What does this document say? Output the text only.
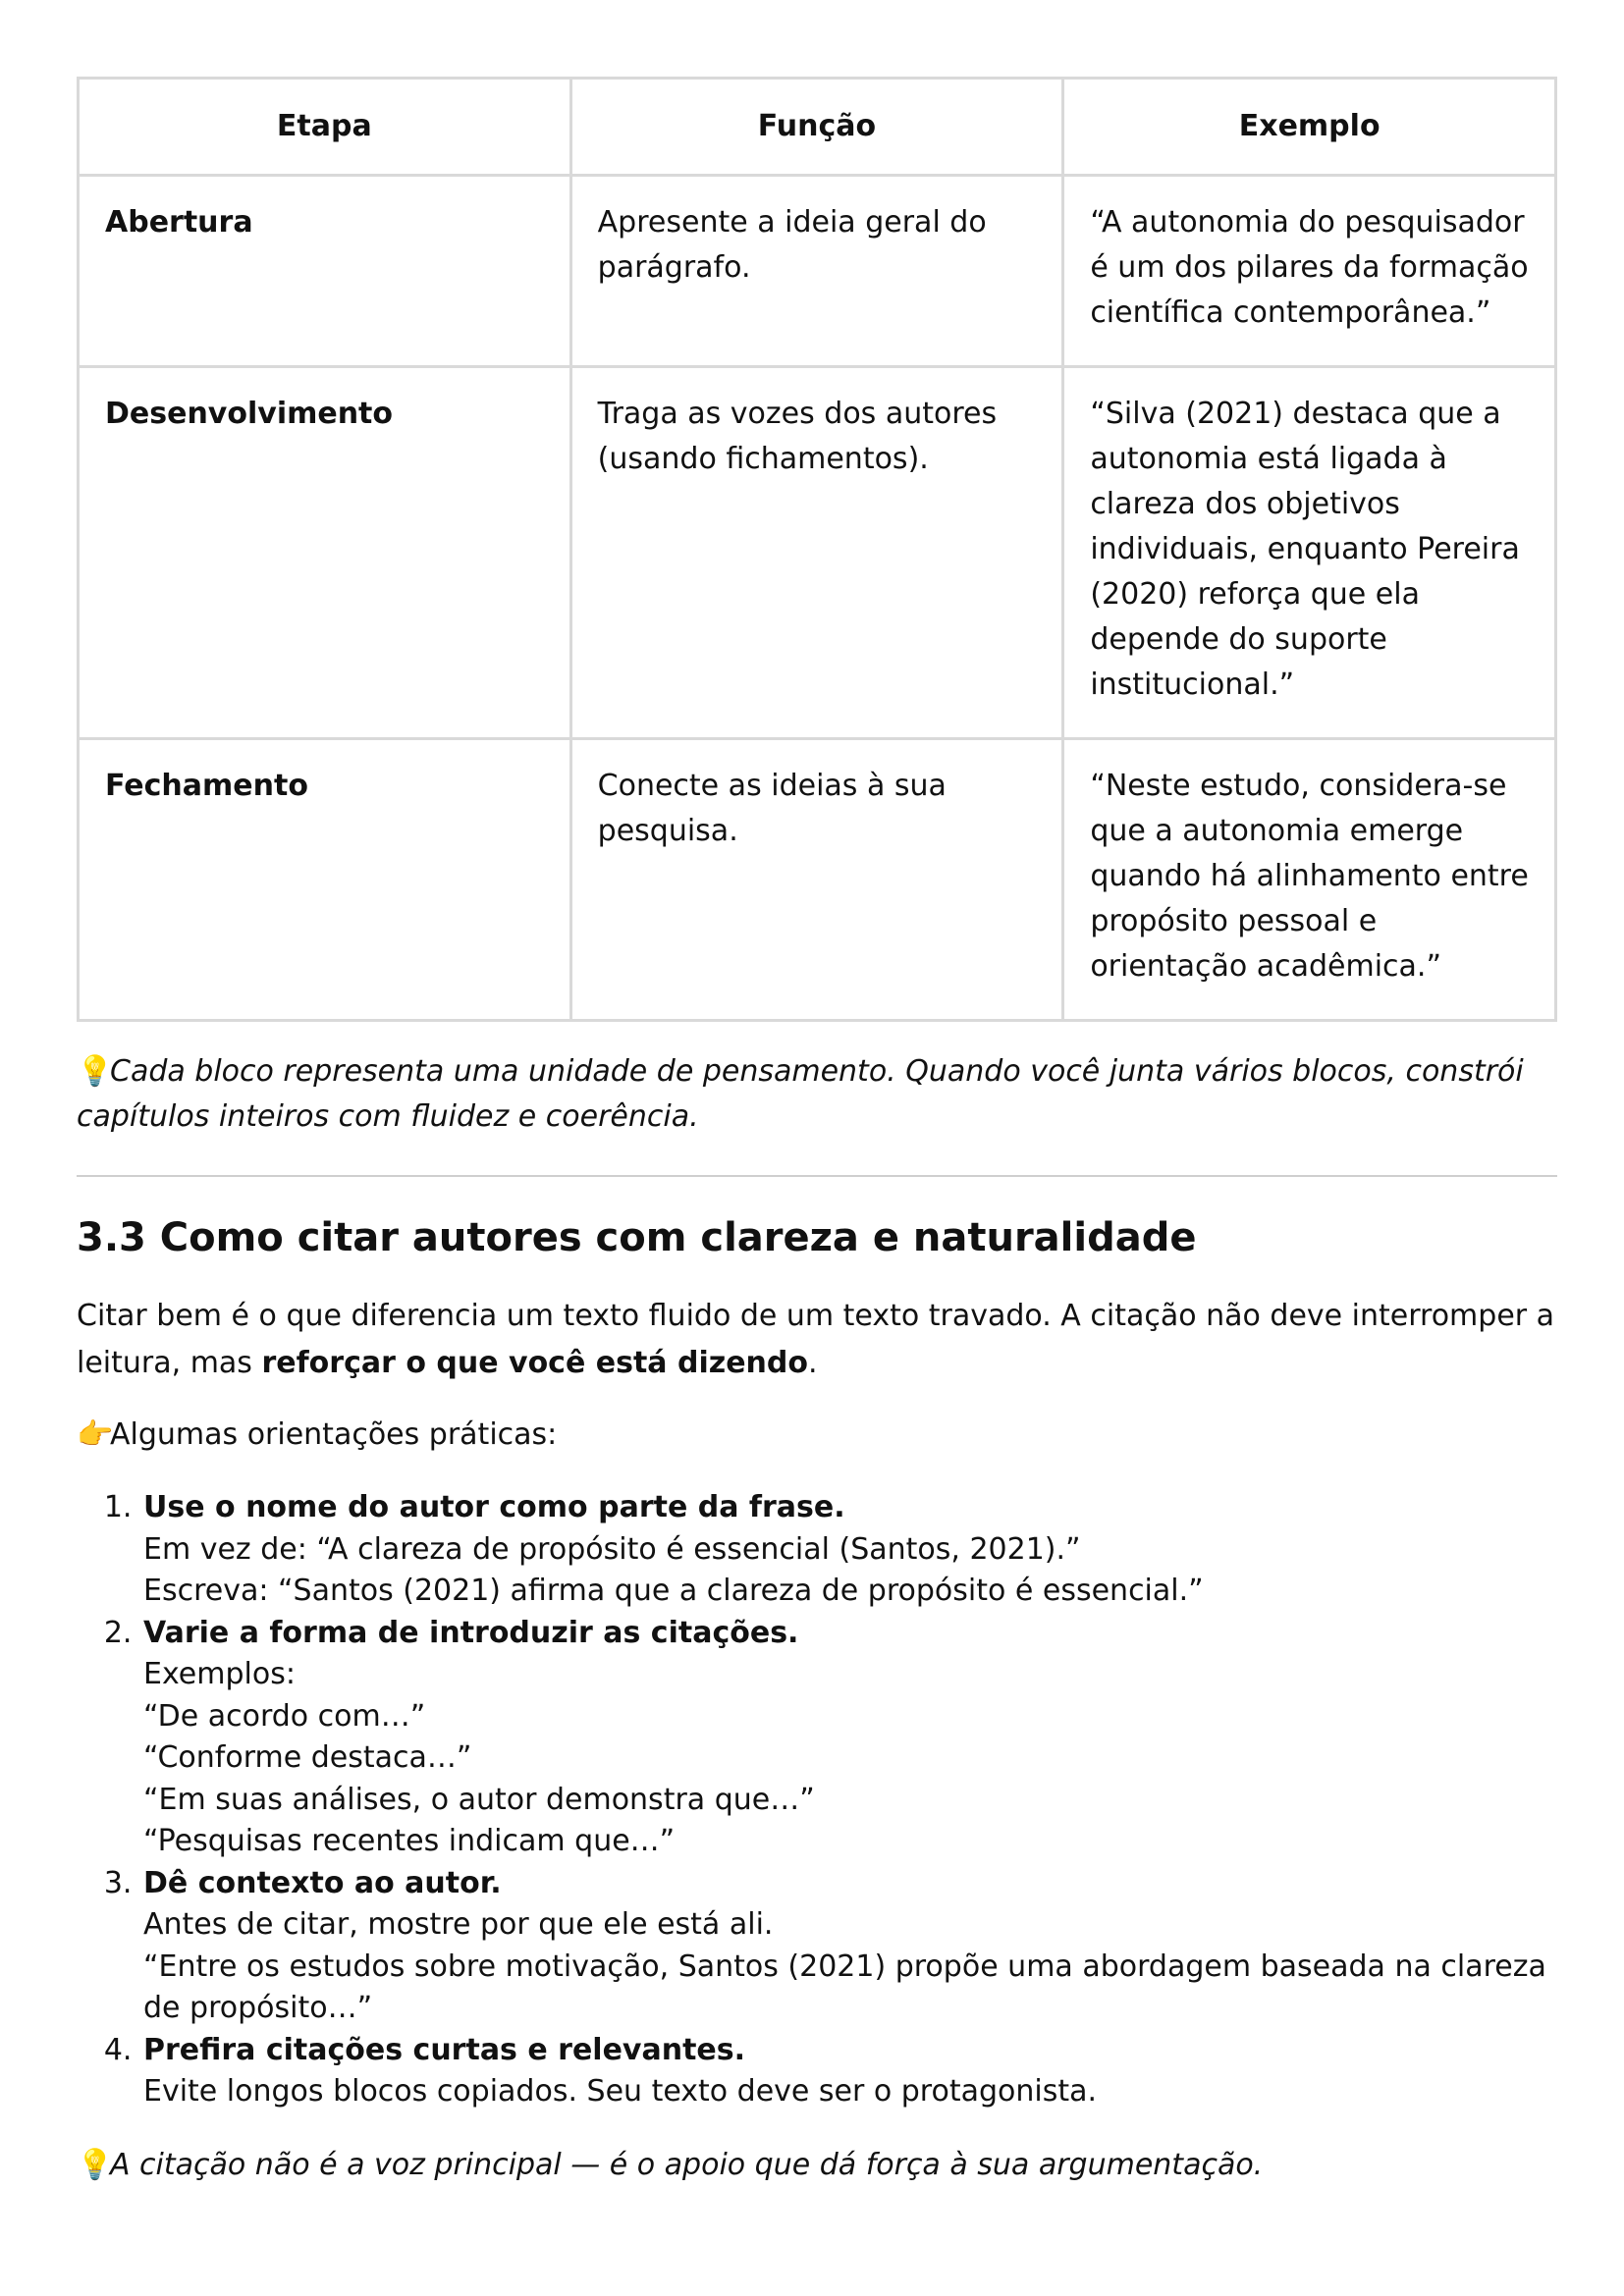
Etapa	Função	Exemplo
Abertura	Apresente a ideia geral do parágrafo.	“A autonomia do pesquisador é um dos pilares da formação científica contemporânea.”
Desenvolvimento	Traga as vozes dos autores (usando fichamentos).	“Silva (2021) destaca que a autonomia está ligada à clareza dos objetivos individuais, enquanto Pereira (2020) reforça que ela depende do suporte institucional.”
Fechamento	Conecte as ideias à sua pesquisa.	“Neste estudo, considera-se que a autonomia emerge quando há alinhamento entre propósito pessoal e orientação acadêmica.”

💡Cada bloco representa uma unidade de pensamento. Quando você junta vários blocos, constrói capítulos inteiros com fluidez e coerência.

3.3 Como citar autores com clareza e naturalidade

Citar bem é o que diferencia um texto fluido de um texto travado. A citação não deve interromper a leitura, mas reforçar o que você está dizendo.

👉Algumas orientações práticas:

1. Use o nome do autor como parte da frase.
Em vez de: “A clareza de propósito é essencial (Santos, 2021).”
Escreva: “Santos (2021) afirma que a clareza de propósito é essencial.”
2. Varie a forma de introduzir as citações.
Exemplos:
“De acordo com…”
“Conforme destaca…”
“Em suas análises, o autor demonstra que…”
“Pesquisas recentes indicam que…”
3. Dê contexto ao autor.
Antes de citar, mostre por que ele está ali.
“Entre os estudos sobre motivação, Santos (2021) propõe uma abordagem baseada na clareza de propósito…”
4. Prefira citações curtas e relevantes.
Evite longos blocos copiados. Seu texto deve ser o protagonista.

💡A citação não é a voz principal — é o apoio que dá força à sua argumentação.
